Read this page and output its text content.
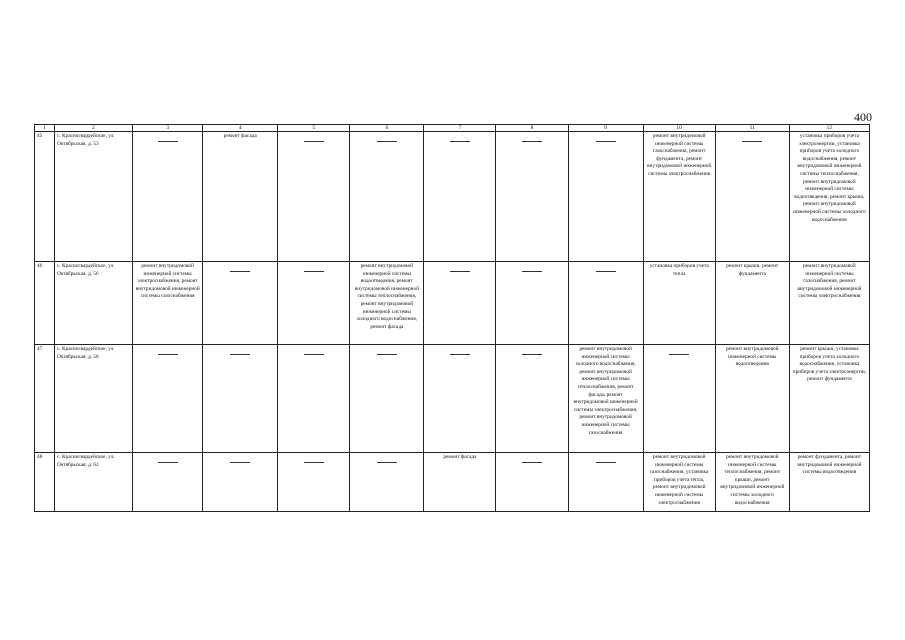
400
1	2	3	4	5	6	7	8	9	10	11	12
45	с. Красногвардейское, ул. Октябрьская, д. 53		ремонт фасада						ремонт внутридомовой инженерной системы газоснабжения, ремонт фундамента, ремонт внутридомовой инженерной системы электроснабжения		установка приборов учета электроэнергии, установка приборов учета холодного водоснабжения, ремонт внутридомовой инженерной системы теплоснабжения, ремонт внутридомовой инженерной системы водоотведения, ремонт крыши, ремонт внутридомовой инженерной системы холодного водоснабжения
46	с. Красногвардейское, ул. Октябрьская, д. 56	ремонт внутридомовой инженерной системы электроснабжения, ремонт внутридомовой инженерной системы газоснабжения			ремонт внутридомовой инженерной системы водоотведения, ремонт внутридомовой инженерной системы теплоснабжения, ремонт внутридомовой инженерной системы холодного водоснабжения, ремонт фасада				установка приборов учета тепла	ремонт крыши, ремонт фундамента	ремонт внутридомовой инженерной системы газоснабжения, ремонт внутридомовой инженерной системы электроснабжения
47	с. Красногвардейское, ул. Октябрьская, д. 58							ремонт внутридомовой инженерной системы холодного водоснабжения, ремонт внутридомовой инженерной системы теплоснабжения, ремонт фасада, ремонт внутридомовой инженерной системы электроснабжения, ремонт внутридомовой инженерной системы газоснабжения		ремонт внутридомовой инженерной системы водоотведения	ремонт крыши, установка приборов учета холодного водоснабжения, установка приборов учета электроэнергии, ремонт фундамента
48	с. Красногвардейское, ул. Октябрьская, д. 62					ремонт фасада			ремонт внутридомовой инженерной системы газоснабжения, установка приборов учета тепла, ремонт внутридомовой инженерной системы электроснабжения	ремонт внутридомовой инженерной системы теплоснабжения, ремонт крыши, ремонт внутридомовой инженерной системы холодного водоснабжения	ремонт фундамента, ремонт внутридомовой инженерной системы водоотведения
